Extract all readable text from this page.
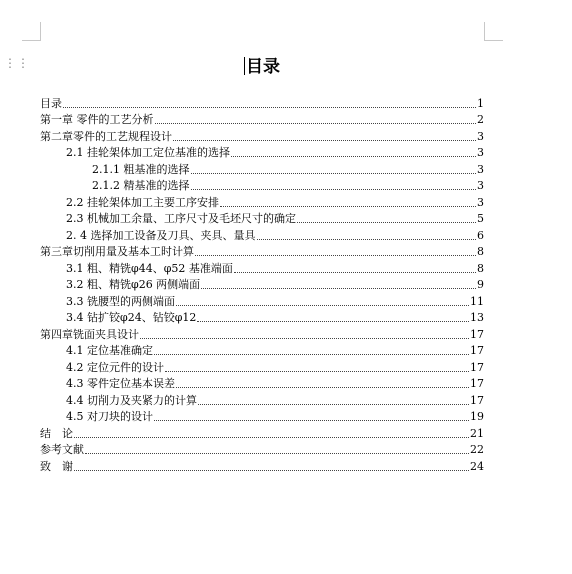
⋮⋮	目录
目录	1
第一章 零件的工艺分析	2
第二章零件的工艺规程设计	3
2.1 挂轮架体加工定位基准的选择	3
2.1.1 粗基准的选择	3
2.1.2 精基准的选择	3
2.2 挂轮架体加工主要工序安排	3
2.3 机械加工余量、工序尺寸及毛坯尺寸的确定	5
2. 4 选择加工设备及刀具、夹具、量具	6
第三章切削用量及基本工时计算	8
3.1 粗、精铣φ44、φ52 基准端面	8
3.2 粗、精铣φ26 两侧端面	9
3.3 铣腰型的两侧端面	11
3.4 钻扩铰φ24、钻铰φ12	13
第四章铣面夹具设计	17
4.1 定位基准确定	17
4.2 定位元件的设计	17
4.3 零件定位基本误差	17
4.4 切削力及夹紧力的计算	17
4.5 对刀块的设计	19
结　论	21
参考文献	22
致　谢	24
